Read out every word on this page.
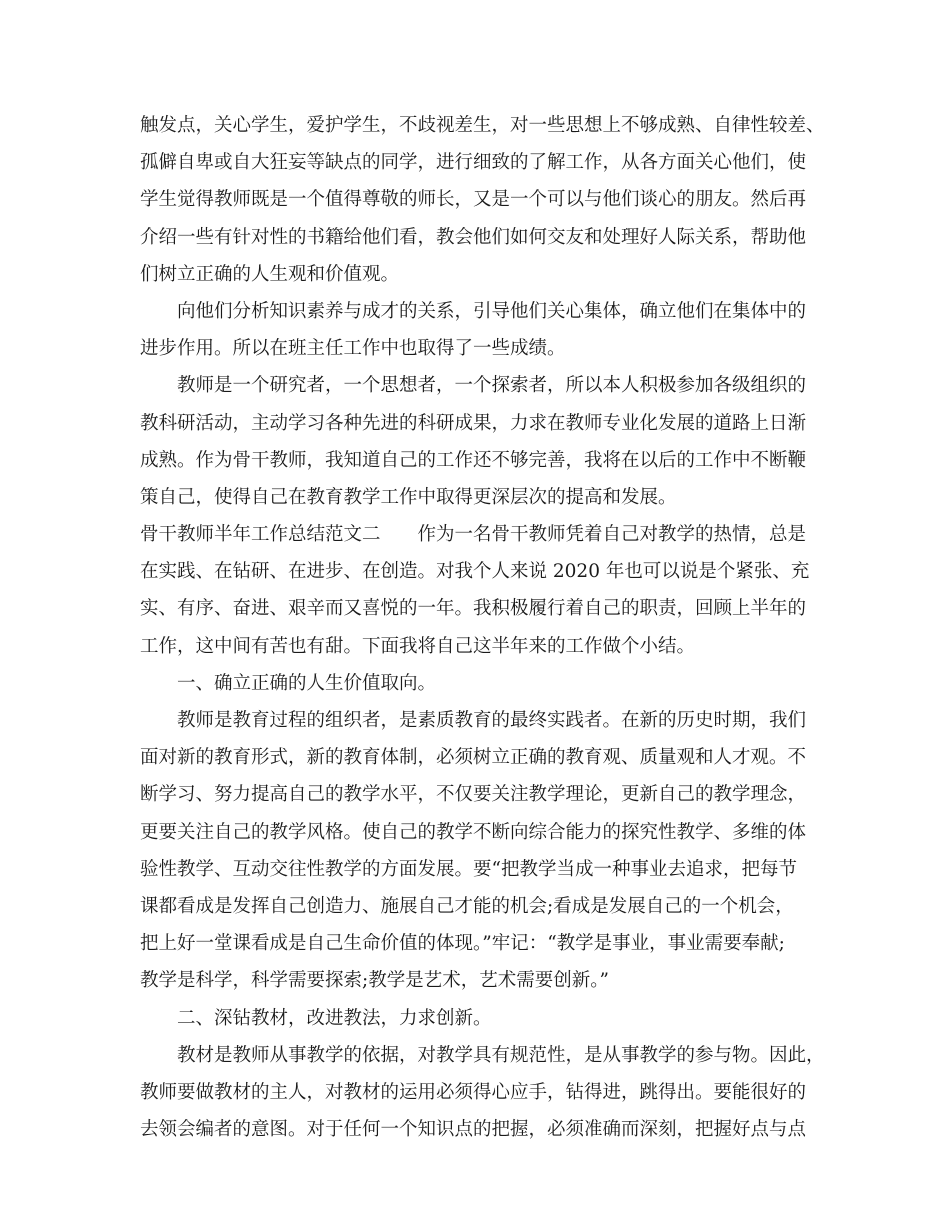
触发点，关心学生，爱护学生，不歧视差生，对一些思想上不够成熟、自律性较差、
孤僻自卑或自大狂妄等缺点的同学，进行细致的了解工作，从各方面关心他们，使
学生觉得教师既是一个值得尊敬的师长，又是一个可以与他们谈心的朋友。然后再
介绍一些有针对性的书籍给他们看，教会他们如何交友和处理好人际关系，帮助他
们树立正确的人生观和价值观。
向他们分析知识素养与成才的关系，引导他们关心集体，确立他们在集体中的
进步作用。所以在班主任工作中也取得了一些成绩。
教师是一个研究者，一个思想者，一个探索者，所以本人积极参加各级组织的
教科研活动，主动学习各种先进的科研成果，力求在教师专业化发展的道路上日渐
成熟。作为骨干教师，我知道自己的工作还不够完善，我将在以后的工作中不断鞭
策自己，使得自己在教育教学工作中取得更深层次的提高和发展。
骨干教师半年工作总结范文二　　作为一名骨干教师凭着自己对教学的热情，总是
在实践、在钻研、在进步、在创造。对我个人来说 2020 年也可以说是个紧张、充
实、有序、奋进、艰辛而又喜悦的一年。我积极履行着自己的职责，回顾上半年的
工作，这中间有苦也有甜。下面我将自己这半年来的工作做个小结。
一、确立正确的人生价值取向。
教师是教育过程的组织者，是素质教育的最终实践者。在新的历史时期，我们
面对新的教育形式，新的教育体制，必须树立正确的教育观、质量观和人才观。不
断学习、努力提高自己的教学水平，不仅要关注教学理论，更新自己的教学理念，
更要关注自己的教学风格。使自己的教学不断向综合能力的探究性教学、多维的体
验性教学、互动交往性教学的方面发展。要“把教学当成一种事业去追求，把每节
课都看成是发挥自己创造力、施展自己才能的机会;看成是发展自己的一个机会，
把上好一堂课看成是自己生命价值的体现。”牢记：“教学是事业，事业需要奉献;
教学是科学，科学需要探索;教学是艺术，艺术需要创新。”
二、深钻教材，改进教法，力求创新。
教材是教师从事教学的依据，对教学具有规范性，是从事教学的参与物。因此，
教师要做教材的主人，对教材的运用必须得心应手，钻得进，跳得出。要能很好的
去领会编者的意图。对于任何一个知识点的把握，必须准确而深刻，把握好点与点
